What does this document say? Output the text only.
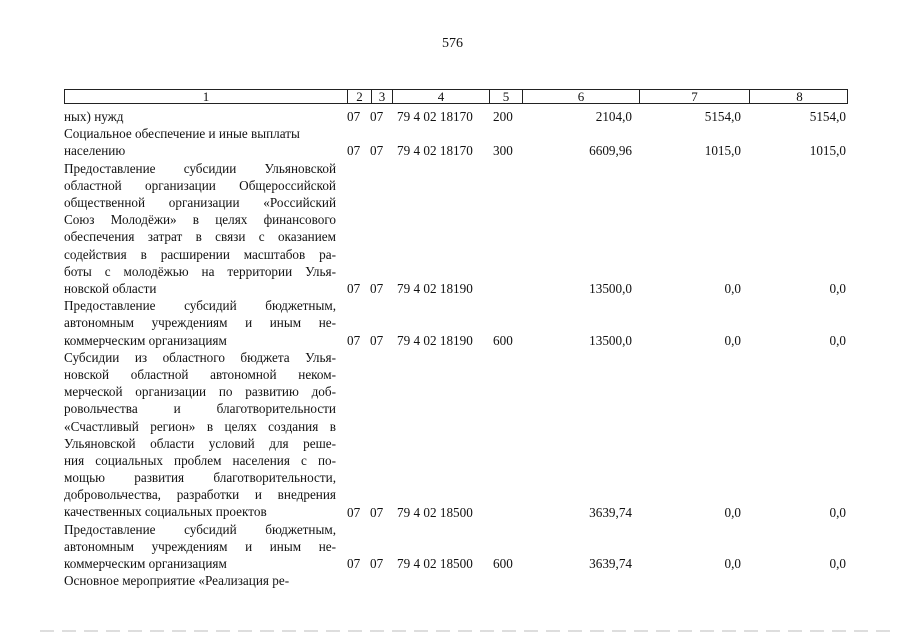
576
1	2	3	4	5	6	7	8
ных) нужд	07 07 79 4 02 18170 200	2104,0	5154,0	5154,0
Социальное обеспечение и иные выплаты
населению	07 07 79 4 02 18170 300	6609,96	1015,0	1015,0
Предоставление субсидии Ульяновской
областной организации Общероссийской
общественной организации «Российский
Союз Молодёжи» в целях финансового
обеспечения затрат в связи с оказанием
содействия в расширении масштабов ра-
боты с молодёжью на территории Улья-
новской области	07 07 79 4 02 18190	13500,0	0,0	0,0
Предоставление субсидий бюджетным,
автономным учреждениям и иным не-
коммерческим организациям	07 07 79 4 02 18190 600	13500,0	0,0	0,0
Субсидии из областного бюджета Улья-
новской областной автономной неком-
мерческой организации по развитию доб-
ровольчества и благотворительности
«Счастливый регион» в целях создания в
Ульяновской области условий для реше-
ния социальных проблем населения с по-
мощью развития благотворительности,
добровольчества, разработки и внедрения
качественных социальных проектов	07 07 79 4 02 18500	3639,74	0,0	0,0
Предоставление субсидий бюджетным,
автономным учреждениям и иным не-
коммерческим организациям	07 07 79 4 02 18500 600	3639,74	0,0	0,0
Основное мероприятие «Реализация ре-
